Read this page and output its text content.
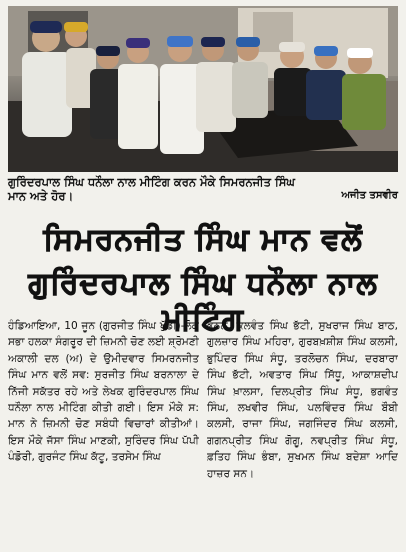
ਗੁਰਿੰਦਰਪਾਲ ਸਿੰਘ ਧਨੌਲਾ ਨਾਲ ਮੀਟਿੰਗ ਕਰਨ ਮੌਕੇ ਸਿਮਰਨਜੀਤ ਸਿੰਘ
ਮਾਨ ਅਤੇ ਹੋਰ।	ਅਜੀਤ ਤਸਵੀਰ
ਸਿਮਰਨਜੀਤ ਸਿੰਘ ਮਾਨ ਵਲੋਂ
ਗੁਰਿੰਦਰਪਾਲ ਸਿੰਘ ਧਨੌਲਾ ਨਾਲ ਮੀਟਿੰਗ

ਹੰਡਿਆਇਆ, 10 ਜੂਨ (ਗੁਰਜੀਤ ਸਿੰਘ ਖੁੱਡੀ)-ਲੋਕ ਸਭਾ ਹਲਕਾ ਸੰਗਰੂਰ ਦੀ ਜ਼ਿਮਨੀ ਚੋਣ ਲਈ ਸ਼੍ਰੋਮਣੀ ਅਕਾਲੀ ਦਲ (ਅ) ਦੇ ਉਮੀਦਵਾਰ ਸਿਮਰਨਜੀਤ ਸਿੰਘ ਮਾਨ ਵਲੋਂ ਸਵ: ਸੁਰਜੀਤ ਸਿੰਘ ਬਰਨਾਲਾ ਦੇ ਨਿੱਜੀ ਸਕੱਤਰ ਰਹੇ ਅਤੇ ਲੇਖਕ ਗੁਰਿੰਦਰਪਾਲ ਸਿੰਘ ਧਨੌਲਾ ਨਾਲ ਮੀਟਿੰਗ ਕੀਤੀ ਗਈ। ਇਸ ਮੌਕੇ ਸ: ਮਾਨ ਨੇ ਜ਼ਿਮਨੀ ਚੋਣ ਸਬੰਧੀ ਵਿਚਾਰਾਂ ਕੀਤੀਆਂ। ਇਸ ਮੌਕੇ ਜੱਸਾ ਸਿੰਘ ਮਾਣਕੀ, ਸੁਰਿੰਦਰ ਸਿੰਘ ਪੱਪੀ ਪੰਡੋਰੀ, ਗੁਰਜੰਟ ਸਿੰਘ ਕੱਟੂ, ਤਰਸੇਮ ਸਿੰਘ

ਭੱਠਲ, ਕੁਲਵੰਤ ਸਿੰਘ ਭੱਟੀ, ਸੁਖਰਾਜ ਸਿੰਘ ਬਾਠ, ਗੁਲਜ਼ਾਰ ਸਿੰਘ ਮਹਿਰਾ, ਗੁਰਬਖ਼ਸ਼ੀਸ਼ ਸਿੰਘ ਕਲਸੀ, ਭੁਪਿੰਦਰ ਸਿੰਘ ਸੰਧੂ, ਤਰਲੋਚਨ ਸਿੰਘ, ਦਰਬਾਰਾ ਸਿੰਘ ਭੱਟੀ, ਅਵਤਾਰ ਸਿੰਘ ਸਿੱਧੂ, ਆਕਾਸ਼ਦੀਪ ਸਿੰਘ ਖ਼ਾਲਸਾ, ਦਿਲਪ੍ਰੀਤ ਸਿੰਘ ਸੰਧੂ, ਭਗਵੰਤ ਸਿੰਘ, ਲਖਵੀਰ ਸਿੰਘ, ਪਲਵਿੰਦਰ ਸਿੰਘ ਬੌਬੀ ਕਲਸੀ, ਰਾਜਾ ਸਿੰਘ, ਜਗਜਿੰਦਰ ਸਿੰਘ ਕਲਸੀ, ਗਗਨਪ੍ਰੀਤ ਸਿੰਘ ਗੋਗੂ, ਨਵਪ੍ਰੀਤ ਸਿੰਘ ਸੰਧੂ, ਫ਼ਤਿਹ ਸਿੰਘ ਭੰਬਾ, ਸੁਖਮਨ ਸਿੰਘ ਬਦੇਸ਼ਾ ਆਦਿ ਹਾਜ਼ਰ ਸਨ।
